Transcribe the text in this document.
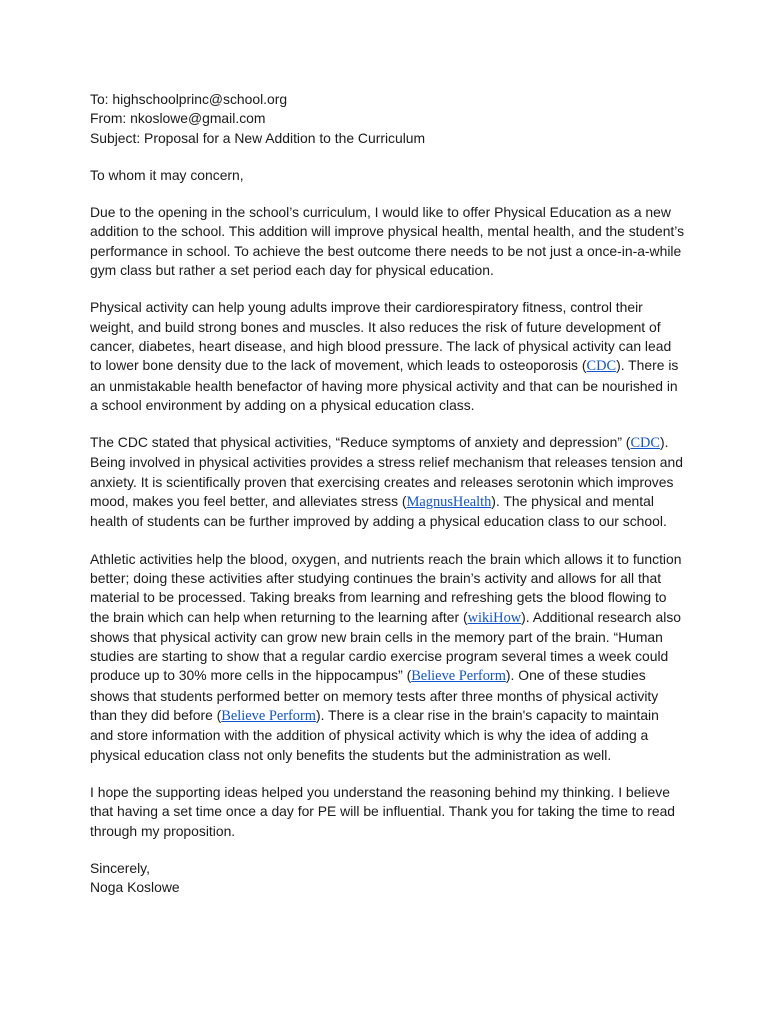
To: highschoolprinc@school.org
From: nkoslowe@gmail.com
Subject: Proposal for a New Addition to the Curriculum

To whom it may concern,

Due to the opening in the school’s curriculum, I would like to offer Physical Education as a new addition to the school. This addition will improve physical health, mental health, and the student’s performance in school. To achieve the best outcome there needs to be not just a once-in-a-while gym class but rather a set period each day for physical education.

Physical activity can help young adults improve their cardiorespiratory fitness, control their weight, and build strong bones and muscles. It also reduces the risk of future development of cancer, diabetes, heart disease, and high blood pressure. The lack of physical activity can lead to lower bone density due to the lack of movement, which leads to osteoporosis (CDC). There is an unmistakable health benefactor of having more physical activity and that can be nourished in a school environment by adding on a physical education class.

The CDC stated that physical activities, “Reduce symptoms of anxiety and depression” (CDC). Being involved in physical activities provides a stress relief mechanism that releases tension and anxiety. It is scientifically proven that exercising creates and releases serotonin which improves mood, makes you feel better, and alleviates stress (MagnusHealth). The physical and mental health of students can be further improved by adding a physical education class to our school.

Athletic activities help the blood, oxygen, and nutrients reach the brain which allows it to function better; doing these activities after studying continues the brain’s activity and allows for all that material to be processed. Taking breaks from learning and refreshing gets the blood flowing to the brain which can help when returning to the learning after (wikiHow). Additional research also shows that physical activity can grow new brain cells in the memory part of the brain. “Human studies are starting to show that a regular cardio exercise program several times a week could produce up to 30% more cells in the hippocampus” (Believe Perform). One of these studies shows that students performed better on memory tests after three months of physical activity than they did before (Believe Perform). There is a clear rise in the brain's capacity to maintain and store information with the addition of physical activity which is why the idea of adding a physical education class not only benefits the students but the administration as well.

I hope the supporting ideas helped you understand the reasoning behind my thinking. I believe that having a set time once a day for PE will be influential. Thank you for taking the time to read through my proposition.

Sincerely,
Noga Koslowe
